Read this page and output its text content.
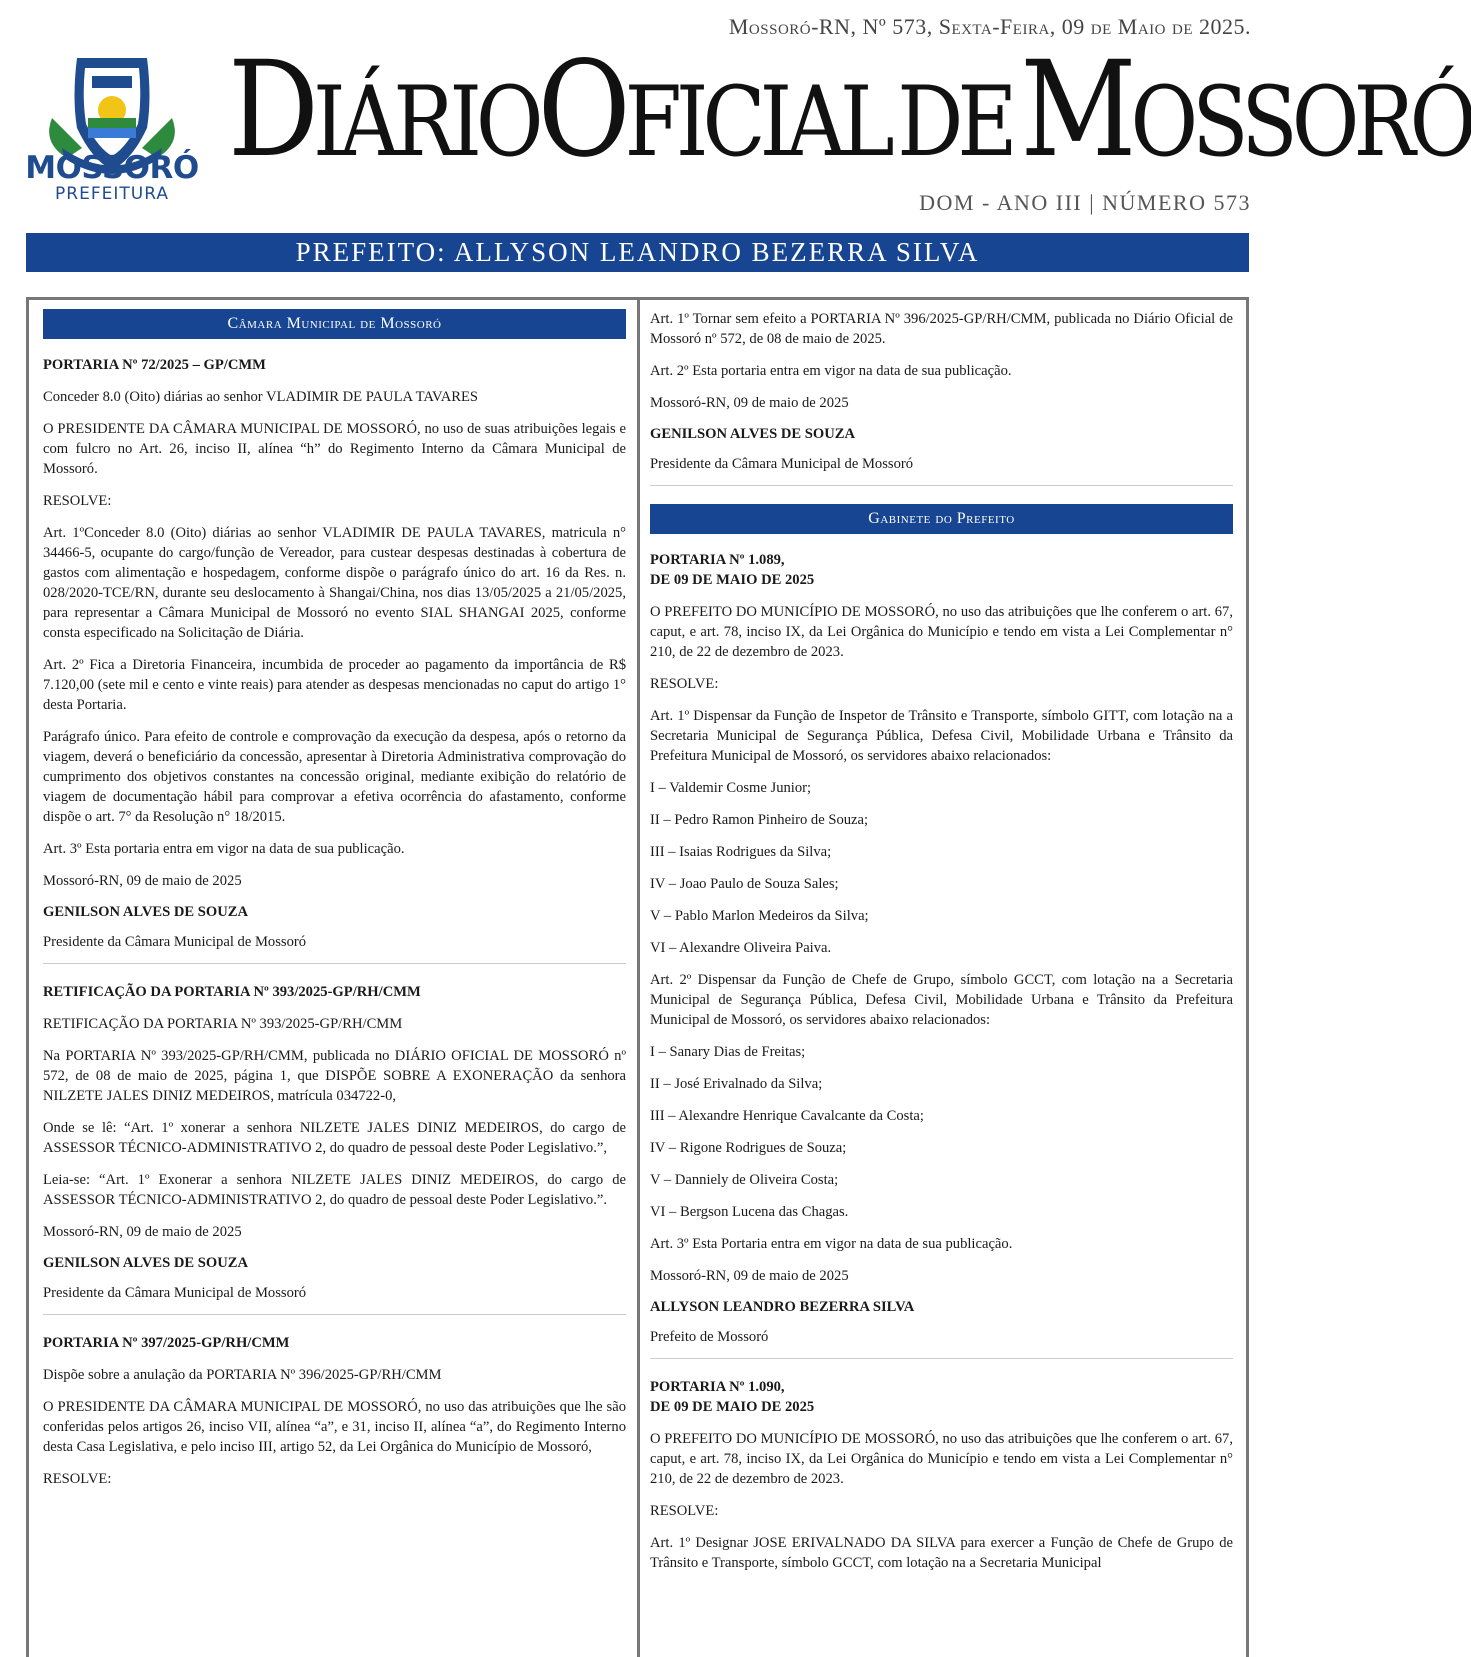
Mossoró-RN, Nº 573, Sexta-Feira, 09 de Maio de 2025.
MOSSORÓ
PREFEITURA
DIÁRIOOFICIALDEMOSSORÓ
DOM - ANO III | NÚMERO 573
PREFEITO: ALLYSON LEANDRO BEZERRA SILVA
Câmara Municipal de Mossoró

PORTARIA Nº 72/2025 – GP/CMM

Conceder 8.0 (Oito) diárias ao senhor VLADIMIR DE PAULA TAVARES

O PRESIDENTE DA CÂMARA MUNICIPAL DE MOSSORÓ, no uso de suas atribuições legais e com fulcro no Art. 26, inciso II, alínea “h” do Regimento Interno da Câmara Municipal de Mossoró.

RESOLVE:

Art. 1ºConceder 8.0 (Oito) diárias ao senhor VLADIMIR DE PAULA TAVARES, matricula n° 34466-5, ocupante do cargo/função de Vereador, para custear despesas destinadas à cobertura de gastos com alimentação e hospedagem, conforme dispõe o parágrafo único do art. 16 da Res. n. 028/2020-TCE/RN, durante seu deslocamento à Shangai/China, nos dias 13/05/2025 a 21/05/2025, para representar a Câmara Municipal de Mossoró no evento SIAL SHANGAI 2025, conforme consta especificado na Solicitação de Diária.

Art. 2º Fica a Diretoria Financeira, incumbida de proceder ao pagamento da importância de R$ 7.120,00 (sete mil e cento e vinte reais) para atender as despesas mencionadas no caput do artigo 1° desta Portaria.

Parágrafo único. Para efeito de controle e comprovação da execução da despesa, após o retorno da viagem, deverá o beneficiário da concessão, apresentar à Diretoria Administrativa comprovação do cumprimento dos objetivos constantes na concessão original, mediante exibição do relatório de viagem de documentação hábil para comprovar a efetiva ocorrência do afastamento, conforme dispõe o art. 7° da Resolução n° 18/2015.

Art. 3º Esta portaria entra em vigor na data de sua publicação.

Mossoró-RN, 09 de maio de 2025

GENILSON ALVES DE SOUZA

Presidente da Câmara Municipal de Mossoró

RETIFICAÇÃO DA PORTARIA Nº 393/2025-GP/RH/CMM

RETIFICAÇÃO DA PORTARIA Nº 393/2025-GP/RH/CMM

Na PORTARIA Nº 393/2025-GP/RH/CMM, publicada no DIÁRIO OFICIAL DE MOSSORÓ nº 572, de 08 de maio de 2025, página 1, que DISPÕE SOBRE A EXONERAÇÃO da senhora NILZETE JALES DINIZ MEDEIROS, matrícula 034722-0,

Onde se lê: “Art. 1º xonerar a senhora NILZETE JALES DINIZ MEDEIROS, do cargo de ASSESSOR TÉCNICO-ADMINISTRATIVO 2, do quadro de pessoal deste Poder Legislativo.”,

Leia-se: “Art. 1º Exonerar a senhora NILZETE JALES DINIZ MEDEIROS, do cargo de ASSESSOR TÉCNICO-ADMINISTRATIVO 2, do quadro de pessoal deste Poder Legislativo.”.

Mossoró-RN, 09 de maio de 2025

GENILSON ALVES DE SOUZA

Presidente da Câmara Municipal de Mossoró

PORTARIA Nº 397/2025-GP/RH/CMM

Dispõe sobre a anulação da PORTARIA Nº 396/2025-GP/RH/CMM

O PRESIDENTE DA CÂMARA MUNICIPAL DE MOSSORÓ, no uso das atribuições que lhe são conferidas pelos artigos 26, inciso VII, alínea “a”, e 31, inciso II, alínea “a”, do Regimento Interno desta Casa Legislativa, e pelo inciso III, artigo 52, da Lei Orgânica do Município de Mossoró,

RESOLVE:

Art. 1º Tornar sem efeito a PORTARIA Nº 396/2025-GP/RH/CMM, publicada no Diário Oficial de Mossoró nº 572, de 08 de maio de 2025.

Art. 2º Esta portaria entra em vigor na data de sua publicação.

Mossoró-RN, 09 de maio de 2025

GENILSON ALVES DE SOUZA

Presidente da Câmara Municipal de Mossoró

Gabinete do Prefeito

PORTARIA Nº 1.089,

DE 09 DE MAIO DE 2025

O PREFEITO DO MUNICÍPIO DE MOSSORÓ, no uso das atribuições que lhe conferem o art. 67, caput, e art. 78, inciso IX, da Lei Orgânica do Município e tendo em vista a Lei Complementar n° 210, de 22 de dezembro de 2023.

RESOLVE:

Art. 1º Dispensar da Função de Inspetor de Trânsito e Transporte, símbolo GITT, com lotação na a Secretaria Municipal de Segurança Pública, Defesa Civil, Mobilidade Urbana e Trânsito da Prefeitura Municipal de Mossoró, os servidores abaixo relacionados:

I – Valdemir Cosme Junior;

II – Pedro Ramon Pinheiro de Souza;

III – Isaias Rodrigues da Silva;

IV – Joao Paulo de Souza Sales;

V – Pablo Marlon Medeiros da Silva;

VI – Alexandre Oliveira Paiva.

Art. 2º Dispensar da Função de Chefe de Grupo, símbolo GCCT, com lotação na a Secretaria Municipal de Segurança Pública, Defesa Civil, Mobilidade Urbana e Trânsito da Prefeitura Municipal de Mossoró, os servidores abaixo relacionados:

I – Sanary Dias de Freitas;

II – José Erivalnado da Silva;

III – Alexandre Henrique Cavalcante da Costa;

IV – Rigone Rodrigues de Souza;

V – Danniely de Oliveira Costa;

VI – Bergson Lucena das Chagas.

Art. 3º Esta Portaria entra em vigor na data de sua publicação.

Mossoró-RN, 09 de maio de 2025

ALLYSON LEANDRO BEZERRA SILVA

Prefeito de Mossoró

PORTARIA Nº 1.090,

DE 09 DE MAIO DE 2025

O PREFEITO DO MUNICÍPIO DE MOSSORÓ, no uso das atribuições que lhe conferem o art. 67, caput, e art. 78, inciso IX, da Lei Orgânica do Município e tendo em vista a Lei Complementar n° 210, de 22 de dezembro de 2023.

RESOLVE:

Art. 1º Designar JOSE ERIVALNADO DA SILVA para exercer a Função de Chefe de Grupo de Trânsito e Transporte, símbolo GCCT, com lotação na a Secretaria Municipal
